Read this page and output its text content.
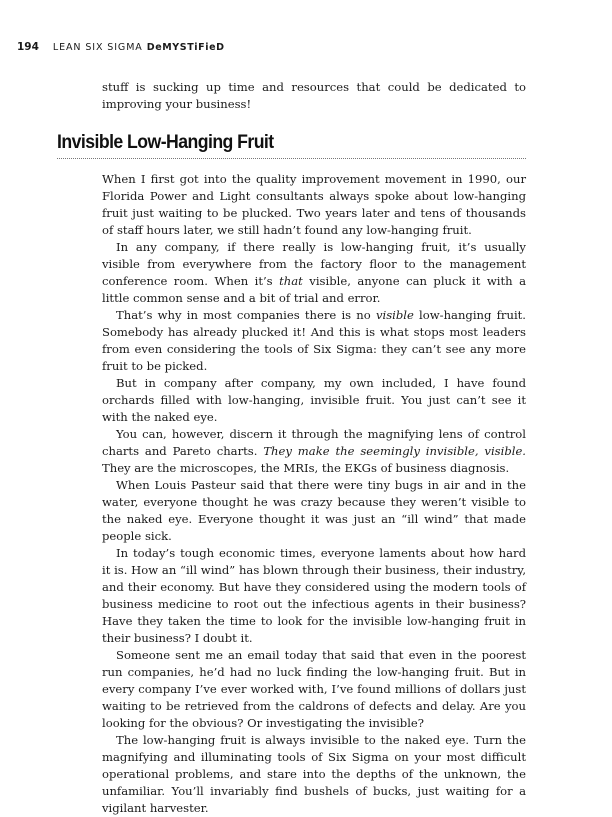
194 LEAN SIX SIGMA DeMYSTiFieD

stuff is sucking up time and resources that could be dedicated to improving your business!

Invisible Low-Hanging Fruit

When I first got into the quality improvement movement in 1990, our Florida Power and Light consultants always spoke about low-hanging fruit just waiting to be plucked. Two years later and tens of thousands of staff hours later, we still hadn’t found any low-hanging fruit.

In any company, if there really is low-hanging fruit, it’s usually visible from everywhere from the factory floor to the management conference room. When it’s that visible, anyone can pluck it with a little common sense and a bit of trial and error.

That’s why in most companies there is no visible low-hanging fruit. Somebody has already plucked it! And this is what stops most leaders from even considering the tools of Six Sigma: they can’t see any more fruit to be picked.

But in company after company, my own included, I have found orchards filled with low-hanging, invisible fruit. You just can’t see it with the naked eye.

You can, however, discern it through the magnifying lens of control charts and Pareto charts. They make the seemingly invisible, visible. They are the microscopes, the MRIs, the EKGs of business diagnosis.

When Louis Pasteur said that there were tiny bugs in air and in the water, everyone thought he was crazy because they weren’t visible to the naked eye. Everyone thought it was just an “ill wind” that made people sick.

In today’s tough economic times, everyone laments about how hard it is. How an “ill wind” has blown through their business, their industry, and their economy. But have they considered using the modern tools of business medicine to root out the infectious agents in their business? Have they taken the time to look for the invisible low-hanging fruit in their business? I doubt it.

Someone sent me an email today that said that even in the poorest run companies, he’d had no luck finding the low-hanging fruit. But in every company I’ve ever worked with, I’ve found millions of dollars just waiting to be retrieved from the caldrons of defects and delay. Are you looking for the obvious? Or investigating the invisible?

The low-hanging fruit is always invisible to the naked eye. Turn the magnifying and illuminating tools of Six Sigma on your most difficult operational problems, and stare into the depths of the unknown, the unfamiliar. You’ll invariably find bushels of bucks, just waiting for a vigilant harvester.
